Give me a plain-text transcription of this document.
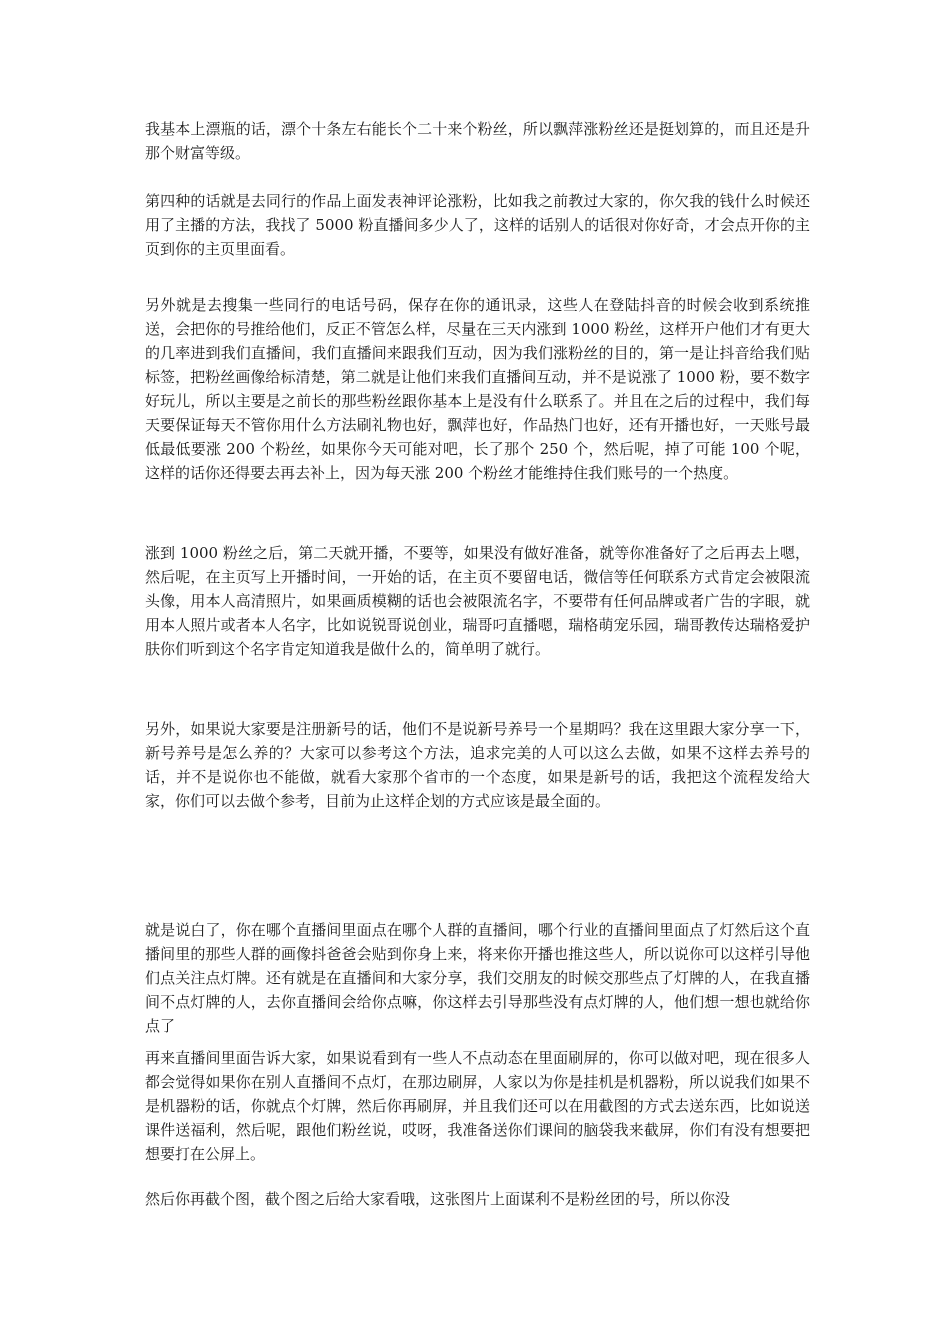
我基本上漂瓶的话，漂个十条左右能长个二十来个粉丝，所以飘萍涨粉丝还是挺划算的，而且还是升那个财富等级。

第四种的话就是去同行的作品上面发表神评论涨粉，比如我之前教过大家的，你欠我的钱什么时候还用了主播的方法，我找了 5000 粉直播间多少人了，这样的话别人的话很对你好奇，才会点开你的主页到你的主页里面看。

另外就是去搜集一些同行的电话号码，保存在你的通讯录，这些人在登陆抖音的时候会收到系统推送，会把你的号推给他们，反正不管怎么样，尽量在三天内涨到 1000 粉丝，这样开户他们才有更大的几率进到我们直播间，我们直播间来跟我们互动，因为我们涨粉丝的目的，第一是让抖音给我们贴标签，把粉丝画像给标清楚，第二就是让他们来我们直播间互动，并不是说涨了 1000 粉，要不数字好玩儿，所以主要是之前长的那些粉丝跟你基本上是没有什么联系了。并且在之后的过程中，我们每天要保证每天不管你用什么方法刷礼物也好，飘萍也好，作品热门也好，还有开播也好，一天账号最低最低要涨 200 个粉丝，如果你今天可能对吧，长了那个 250 个，然后呢，掉了可能 100 个呢，这样的话你还得要去再去补上，因为每天涨 200 个粉丝才能维持住我们账号的一个热度。

涨到 1000 粉丝之后，第二天就开播，不要等，如果没有做好准备，就等你准备好了之后再去上嗯，然后呢，在主页写上开播时间，一开始的话，在主页不要留电话，微信等任何联系方式肯定会被限流头像，用本人高清照片，如果画质模糊的话也会被限流名字，不要带有任何品牌或者广告的字眼，就用本人照片或者本人名字，比如说锐哥说创业，瑞哥叼直播嗯，瑞格萌宠乐园，瑞哥教传达瑞格爱护肤你们听到这个名字肯定知道我是做什么的，简单明了就行。

另外，如果说大家要是注册新号的话，他们不是说新号养号一个星期吗？我在这里跟大家分享一下，新号养号是怎么养的？大家可以参考这个方法，追求完美的人可以这么去做，如果不这样去养号的话，并不是说你也不能做，就看大家那个省市的一个态度，如果是新号的话，我把这个流程发给大家，你们可以去做个参考，目前为止这样企划的方式应该是最全面的。

就是说白了，你在哪个直播间里面点在哪个人群的直播间，哪个行业的直播间里面点了灯然后这个直播间里的那些人群的画像抖爸爸会贴到你身上来，将来你开播也推这些人，所以说你可以这样引导他们点关注点灯牌。还有就是在直播间和大家分享，我们交朋友的时候交那些点了灯牌的人，在我直播间不点灯牌的人，去你直播间会给你点嘛，你这样去引导那些没有点灯牌的人，他们想一想也就给你点了

再来直播间里面告诉大家，如果说看到有一些人不点动态在里面刷屏的，你可以做对吧，现在很多人都会觉得如果你在别人直播间不点灯，在那边刷屏，人家以为你是挂机是机器粉，所以说我们如果不是机器粉的话，你就点个灯牌，然后你再刷屏，并且我们还可以在用截图的方式去送东西，比如说送课件送福利，然后呢，跟他们粉丝说，哎呀，我准备送你们课间的脑袋我来截屏，你们有没有想要把想要打在公屏上。

然后你再截个图，截个图之后给大家看哦，这张图片上面谋利不是粉丝团的号，所以你没
